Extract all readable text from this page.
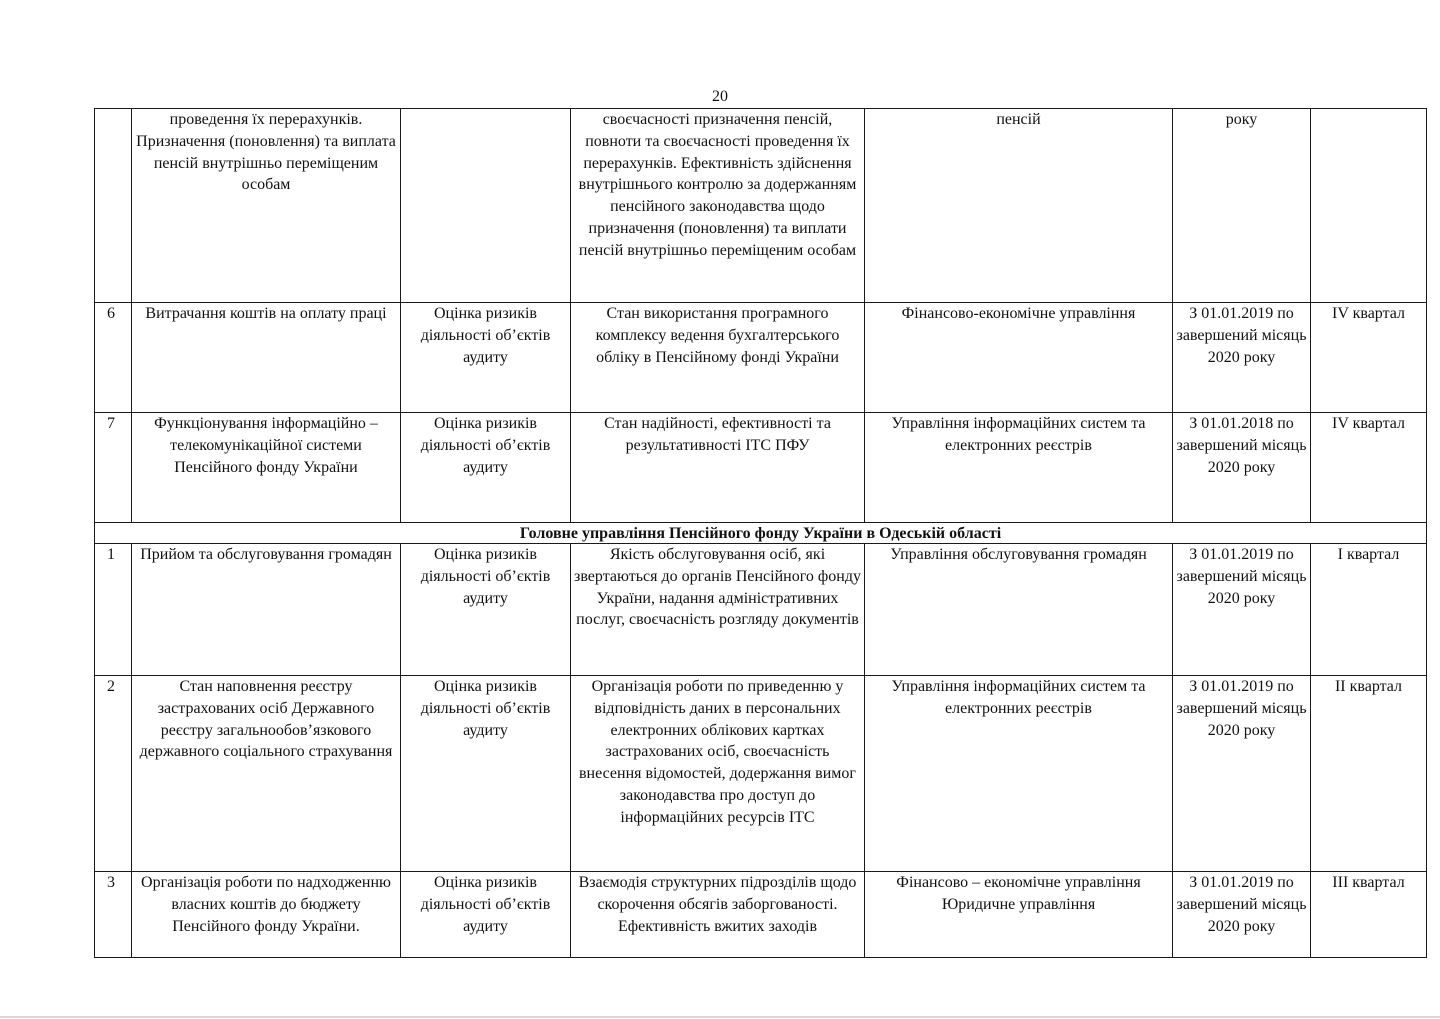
20
	проведення їх перерахунків. Призначення (поновлення) та виплата пенсій внутрішньо переміщеним особам		своєчасності призначення пенсій, повноти та своєчасності проведення їх перерахунків. Ефективність здійснення внутрішнього контролю за додержанням пенсійного законодавства щодо призначення (поновлення) та виплати пенсій внутрішньо переміщеним особам	пенсій	року	
6	Витрачання коштів на оплату праці	Оцінка ризиків діяльності об’єктів аудиту	Стан використання програмного комплексу ведення бухгалтерського обліку в Пенсійному фонді України	Фінансово-економічне управління	З 01.01.2019 по завершений місяць 2020 року	IV квартал
7	Функціонування інформаційно – телекомунікаційної системи Пенсійного фонду України	Оцінка ризиків діяльності об’єктів аудиту	Стан надійності, ефективності та результативності ІТС ПФУ	Управління інформаційних систем та електронних реєстрів	З 01.01.2018 по завершений місяць 2020 року	IV квартал
Головне управління Пенсійного фонду України в Одеській області						
1	Прийом та обслуговування громадян	Оцінка ризиків діяльності об’єктів аудиту	Якість обслуговування осіб, які звертаються до органів Пенсійного фонду України, надання адміністративних послуг, своєчасність розгляду документів	Управління обслуговування громадян	З 01.01.2019 по завершений місяць 2020 року	I квартал
2	Стан наповнення реєстру застрахованих осіб Державного реєстру загальнообов’язкового державного соціального страхування	Оцінка ризиків діяльності об’єктів аудиту	Організація роботи по приведенню у відповідність даних в персональних електронних облікових картках застрахованих осіб, своєчасність внесення відомостей, додержання вимог законодавства про доступ до інформаційних ресурсів ІТС	Управління інформаційних систем та електронних реєстрів	З 01.01.2019 по завершений місяць 2020 року	II квартал
3	Організація роботи по надходженню власних коштів до бюджету Пенсійного фонду України.	Оцінка ризиків діяльності об’єктів аудиту	Взаємодія структурних підрозділів щодо скорочення обсягів заборгованості. Ефективність вжитих заходів	Фінансово – економічне управління Юридичне управління	З 01.01.2019 по завершений місяць 2020 року	III квартал
